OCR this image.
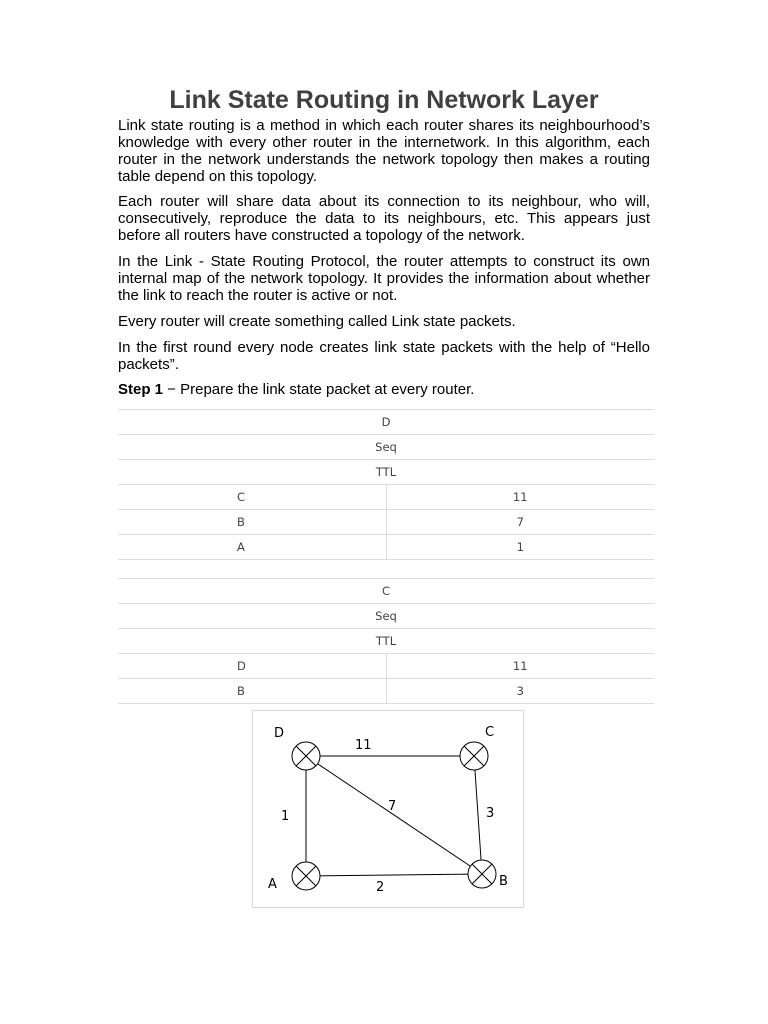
Link State Routing in Network Layer

Link state routing is a method in which each router shares its neighbourhood’s knowledge with every other router in the internetwork. In this algorithm, each router in the network understands the network topology then makes a routing table depend on this topology.

Each router will share data about its connection to its neighbour, who will, consecutively, reproduce the data to its neighbours, etc. This appears just before all routers have constructed a topology of the network.

In the Link - State Routing Protocol, the router attempts to construct its own internal map of the network topology. It provides the information about whether the link to reach the router is active or not.

Every router will create something called Link state packets.

In the first round every node creates link state packets with the help of “Hello packets”.

Step 1 − Prepare the link state packet at every router.

D	
Seq	
TTL	
C	11
B	7
A	1
C	
Seq	
TTL	
D	11
B	3
D	C
A	B
11
7
1	3
2
